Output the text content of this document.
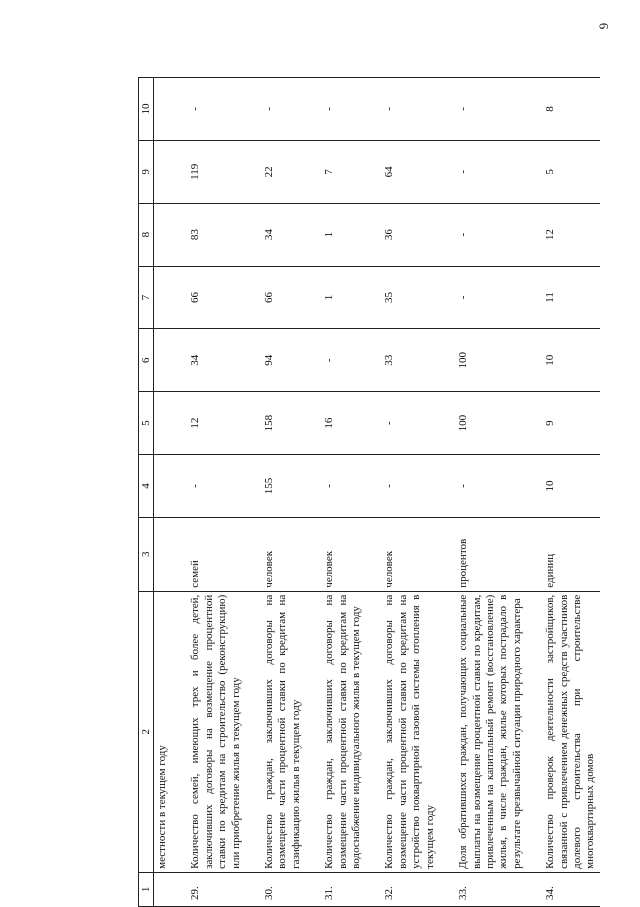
6
1	2	3	4	5	6	7	8	9	10
	местности в текущем году								

29.	Количество семей, имеющих трех и более детей, заключивших договоры на возмещение процентной ставки по кредитам на строительство (реконструкцию) или приобретение жилья в текущем году	семей	-	12	34	66	83	119	-

30.	Количество граждан, заключивших договоры на возмещение части процентной ставки по кредитам на газификацию жилья в текущем году	человек	155	158	94	66	34	22	-

31.	Количество граждан, заключивших договоры на возмещение части процентной ставки по кредитам на водоснабжение индивидуального жилья в текущем году	человек	-	16	-	1	1	7	-

32.	Количество граждан, заключивших договоры на возмещение части процентной ставки по кредитам на устройство поквартирной газовой системы отопления в текущем году	человек	-	-	33	35	36	64	-

33.	Доля обратившихся граждан, получающих социальные выплаты на возмещение процентной ставки по кредитам, привлеченным на капитальный ремонт (восстановление) жилья, в числе граждан, жилье которых пострадало в результате чрезвычайной ситуации природного характера	процентов	-	100	100	-	-	-	-

34.	Количество проверок деятельности застройщиков, связанной с привлечением денежных средств участников долевого строительства при строительстве многоквартирных домов	единиц	10	9	10	11	12	5	8
